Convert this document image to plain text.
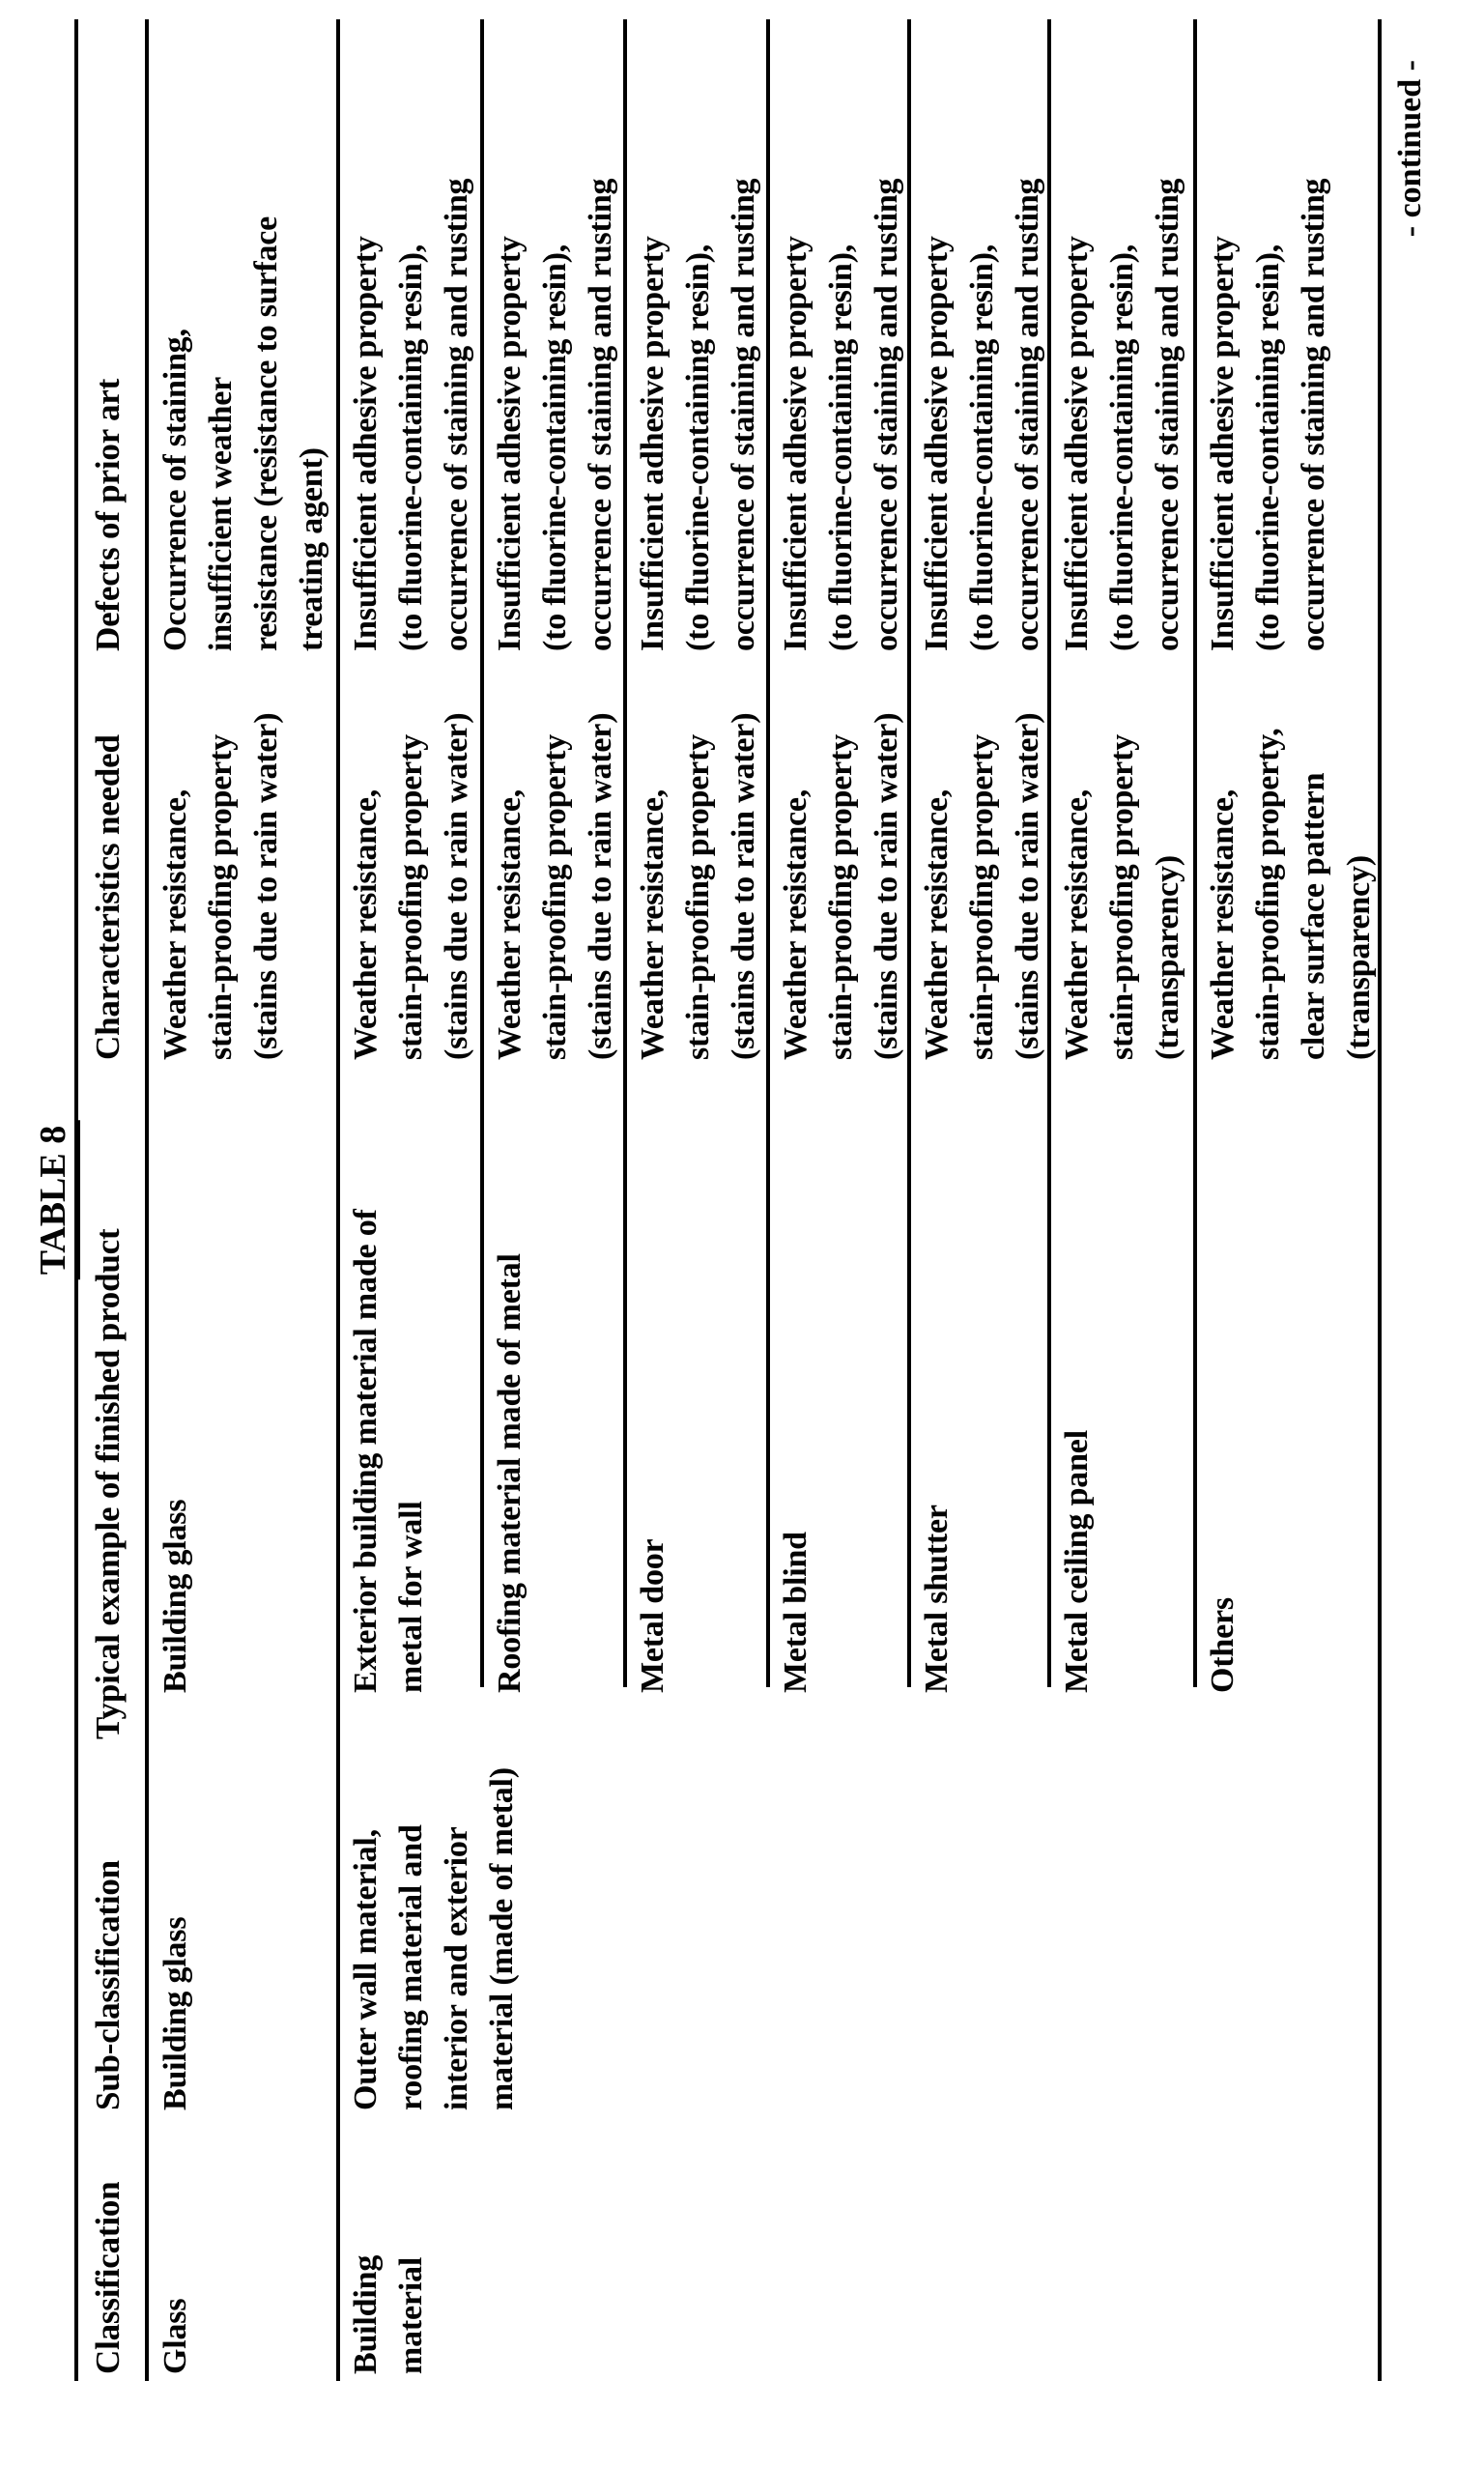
TABLE 8
Classification
Sub-classification
Typical example of finished product
Characteristics needed
Defects of prior art
Glass
Building glass
Building glass
Weather resistance, stain-proofing property (stains due to rain water)
Occurrence of staining, insufficient weather resistance (resistance to surface treating agent)
Building material
Outer wall material, roofing material and interior and exterior material (made of metal)
Exterior building material made of metal for wall
Weather resistance, stain-proofing property (stains due to rain water)
Insufficient adhesive property (to fluorine-containing resin), occurrence of staining and rusting
Roofing material made of metal
Weather resistance, stain-proofing property (stains due to rain water)
Insufficient adhesive property (to fluorine-containing resin), occurrence of staining and rusting
Metal door
Weather resistance, stain-proofing property (stains due to rain water)
Insufficient adhesive property (to fluorine-containing resin), occurrence of staining and rusting
Metal blind
Weather resistance, stain-proofing property (stains due to rain water)
Insufficient adhesive property (to fluorine-containing resin), occurrence of staining and rusting
Metal shutter
Weather resistance, stain-proofing property (stains due to rain water)
Insufficient adhesive property (to fluorine-containing resin), occurrence of staining and rusting
Metal ceiling panel
Weather resistance, stain-proofing property (transparency)
Insufficient adhesive property (to fluorine-containing resin), occurrence of staining and rusting
Others
Weather resistance, stain-proofing property, clear surface pattern (transparency)
Insufficient adhesive property (to fluorine-containing resin), occurrence of staining and rusting
- continued -
